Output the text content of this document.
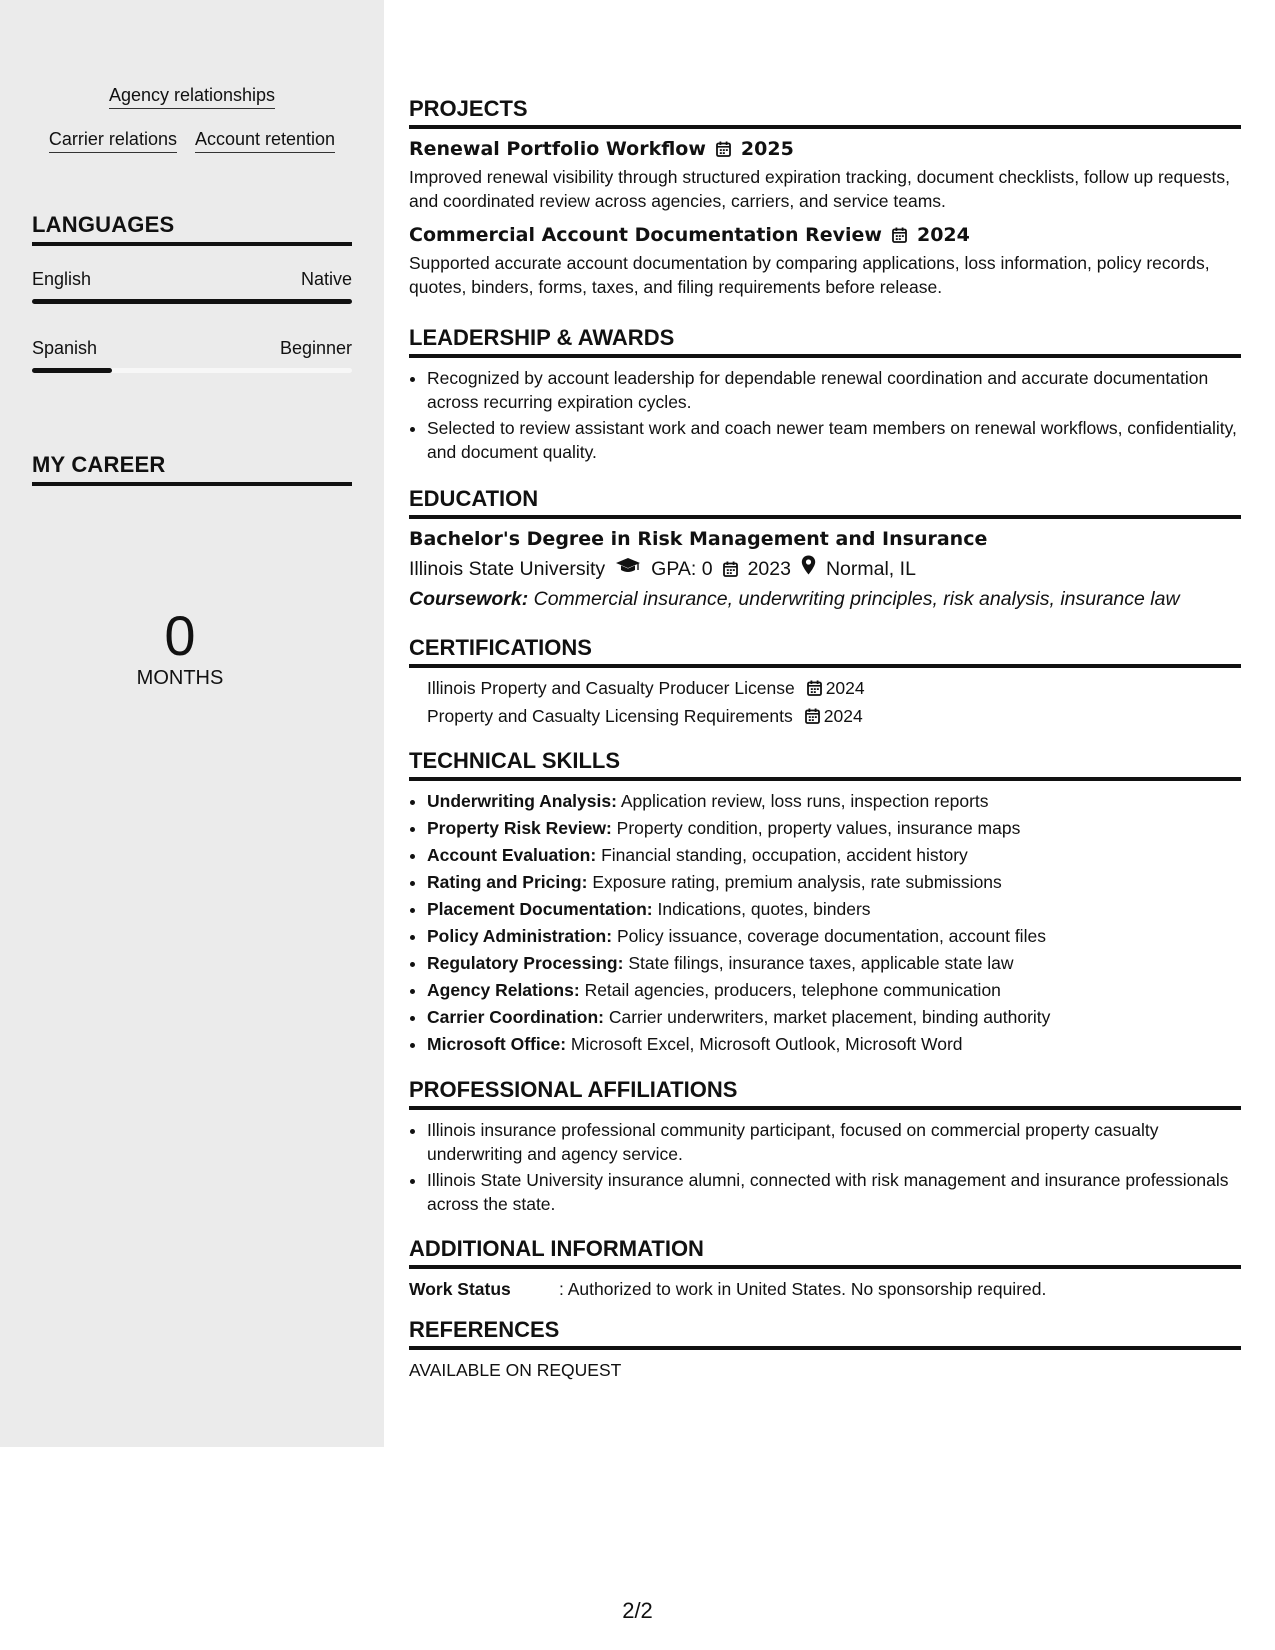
Agency relationships
Carrier relations Account retention
LANGUAGES
English	Native
Spanish	Beginner
MY CAREER
0
MONTHS
PROJECTS
Renewal Portfolio Workflow 2025
Improved renewal visibility through structured expiration tracking, document checklists, follow up requests, and coordinated review across agencies, carriers, and service teams.
Commercial Account Documentation Review 2024
Supported accurate account documentation by comparing applications, loss information, policy records, quotes, binders, forms, taxes, and filing requirements before release.
LEADERSHIP & AWARDS
• Recognized by account leadership for dependable renewal coordination and accurate documentation across recurring expiration cycles.
• Selected to review assistant work and coach newer team members on renewal workflows, confidentiality, and document quality.
EDUCATION
Bachelor's Degree in Risk Management and Insurance
Illinois State University GPA: 0 2023 Normal, IL
Coursework: Commercial insurance, underwriting principles, risk analysis, insurance law
CERTIFICATIONS
Illinois Property and Casualty Producer License 2024
Property and Casualty Licensing Requirements 2024
TECHNICAL SKILLS
• Underwriting Analysis: Application review, loss runs, inspection reports
• Property Risk Review: Property condition, property values, insurance maps
• Account Evaluation: Financial standing, occupation, accident history
• Rating and Pricing: Exposure rating, premium analysis, rate submissions
• Placement Documentation: Indications, quotes, binders
• Policy Administration: Policy issuance, coverage documentation, account files
• Regulatory Processing: State filings, insurance taxes, applicable state law
• Agency Relations: Retail agencies, producers, telephone communication
• Carrier Coordination: Carrier underwriters, market placement, binding authority
• Microsoft Office: Microsoft Excel, Microsoft Outlook, Microsoft Word
PROFESSIONAL AFFILIATIONS
• Illinois insurance professional community participant, focused on commercial property casualty underwriting and agency service.
• Illinois State University insurance alumni, connected with risk management and insurance professionals across the state.
ADDITIONAL INFORMATION
Work Status	: Authorized to work in United States. No sponsorship required.
REFERENCES
AVAILABLE ON REQUEST
2/2
